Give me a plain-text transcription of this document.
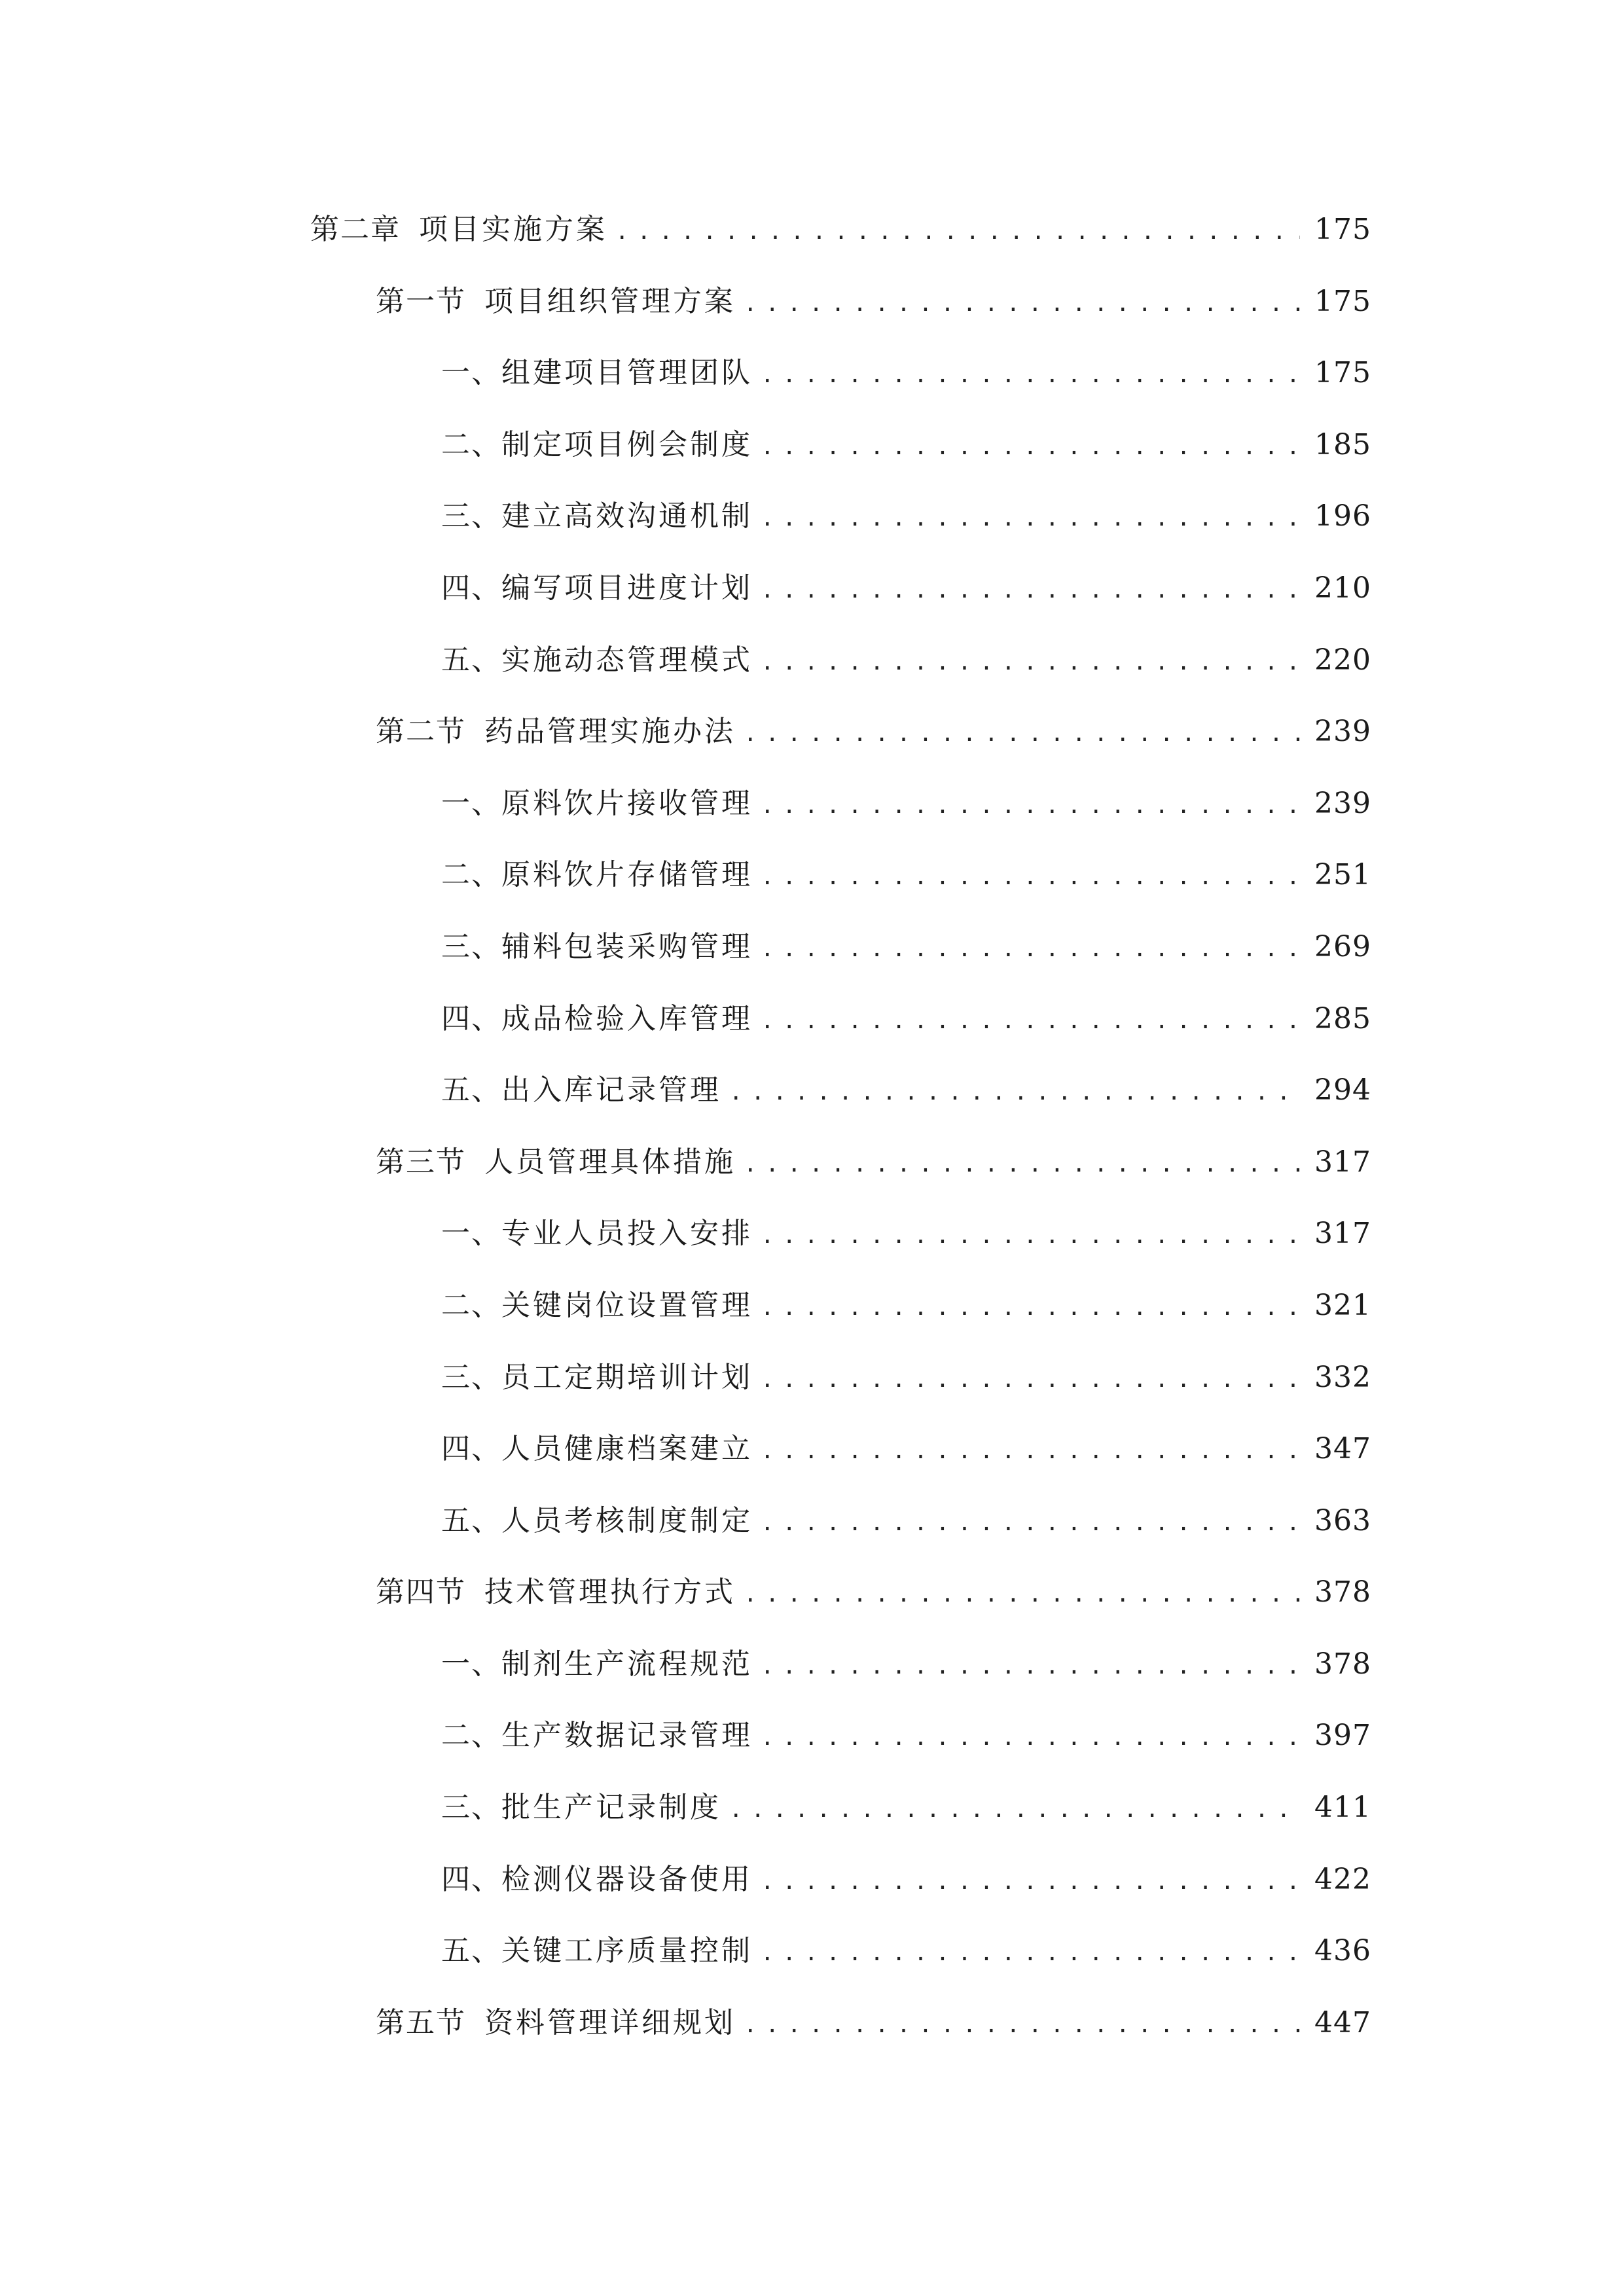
第二章 项目实施方案 .....	175
第一节 项目组织管理方案 .....	175
一、 组建项目管理团队 .....	175
二、 制定项目例会制度 .....	185
三、 建立高效沟通机制 .....	196
四、 编写项目进度计划 .....	210
五、 实施动态管理模式 .....	220
第二节 药品管理实施办法 .....	239
一、 原料饮片接收管理 .....	239
二、 原料饮片存储管理 .....	251
三、 辅料包装采购管理 .....	269
四、 成品检验入库管理 .....	285
五、 出入库记录管理 .....	294
第三节 人员管理具体措施 .....	317
一、 专业人员投入安排 .....	317
二、 关键岗位设置管理 .....	321
三、 员工定期培训计划 .....	332
四、 人员健康档案建立 .....	347
五、 人员考核制度制定 .....	363
第四节 技术管理执行方式 .....	378
一、 制剂生产流程规范 .....	378
二、 生产数据记录管理 .....	397
三、 批生产记录制度 .....	411
四、 检测仪器设备使用 .....	422
五、 关键工序质量控制 .....	436
第五节 资料管理详细规划 .....	447
